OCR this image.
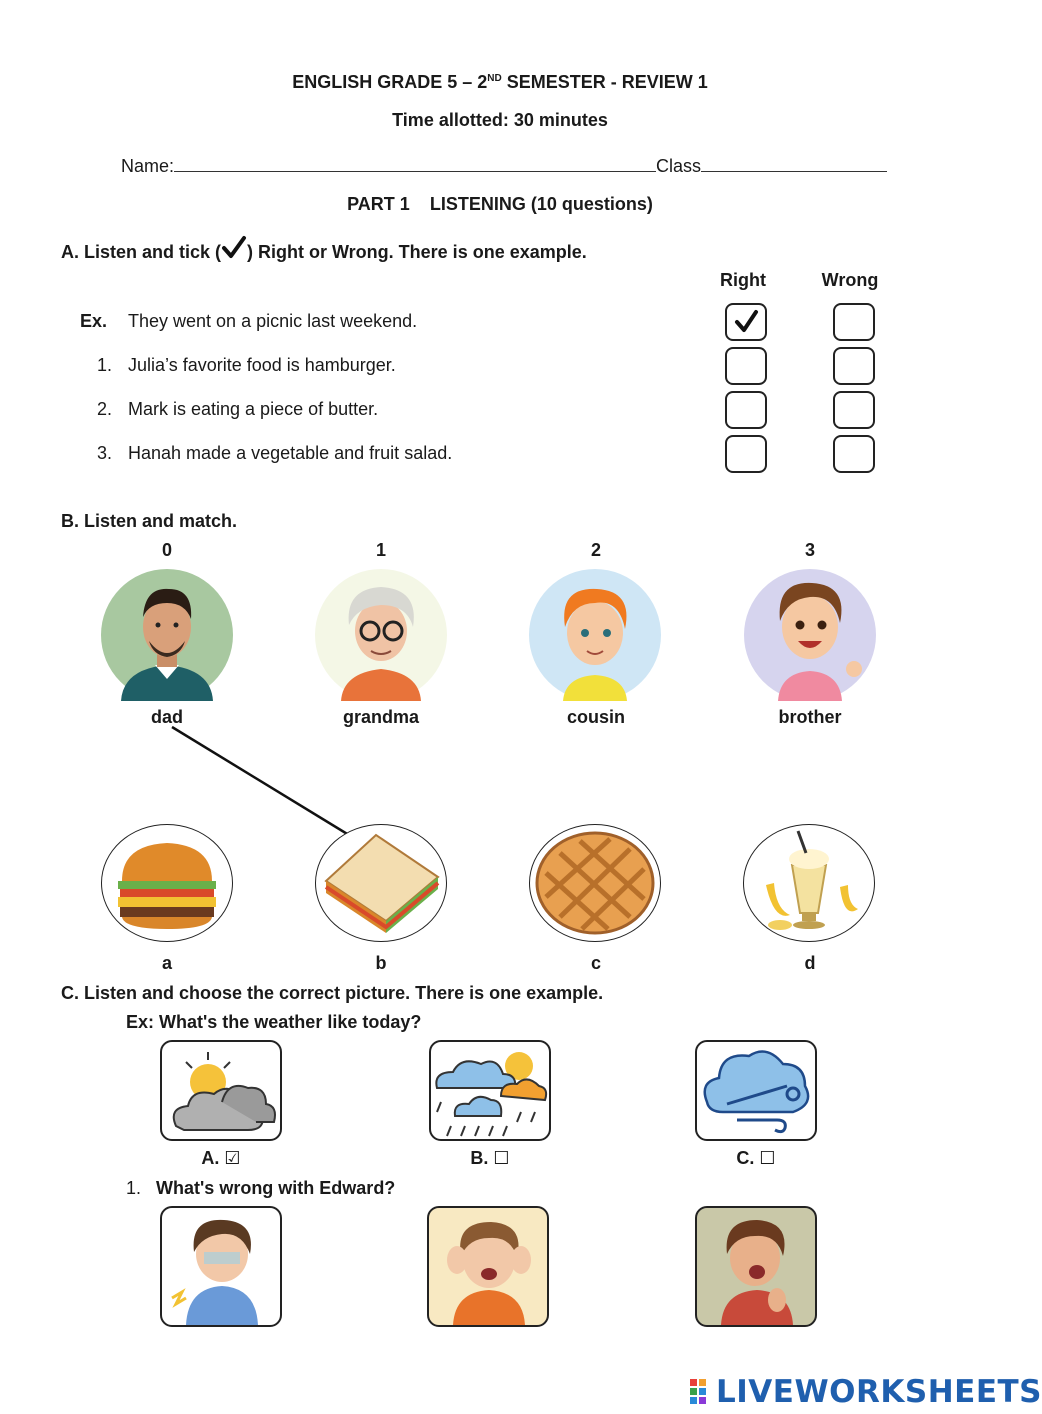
ENGLISH GRADE 5 – 2ND SEMESTER - REVIEW 1
Time allotted: 30 minutes
Name:	Class
PART 1    LISTENING (10 questions)
A. Listen and tick ( ) Right or Wrong. There is one example.
Right	Wrong
Ex. They went on a picnic last weekend.
1. Julia’s favorite food is hamburger.
2. Mark is eating a piece of butter.
3. Hanah made a vegetable and fruit salad.
B. Listen and match.
0	1	2	3
dad	grandma	cousin	brother
a	b	c	d
C. Listen and choose the correct picture. There is one example.
Ex: What's the weather like today?
A. ☑	B. ☐	C. ☐
1. What's wrong with Edward?
LIVEWORKSHEETS
